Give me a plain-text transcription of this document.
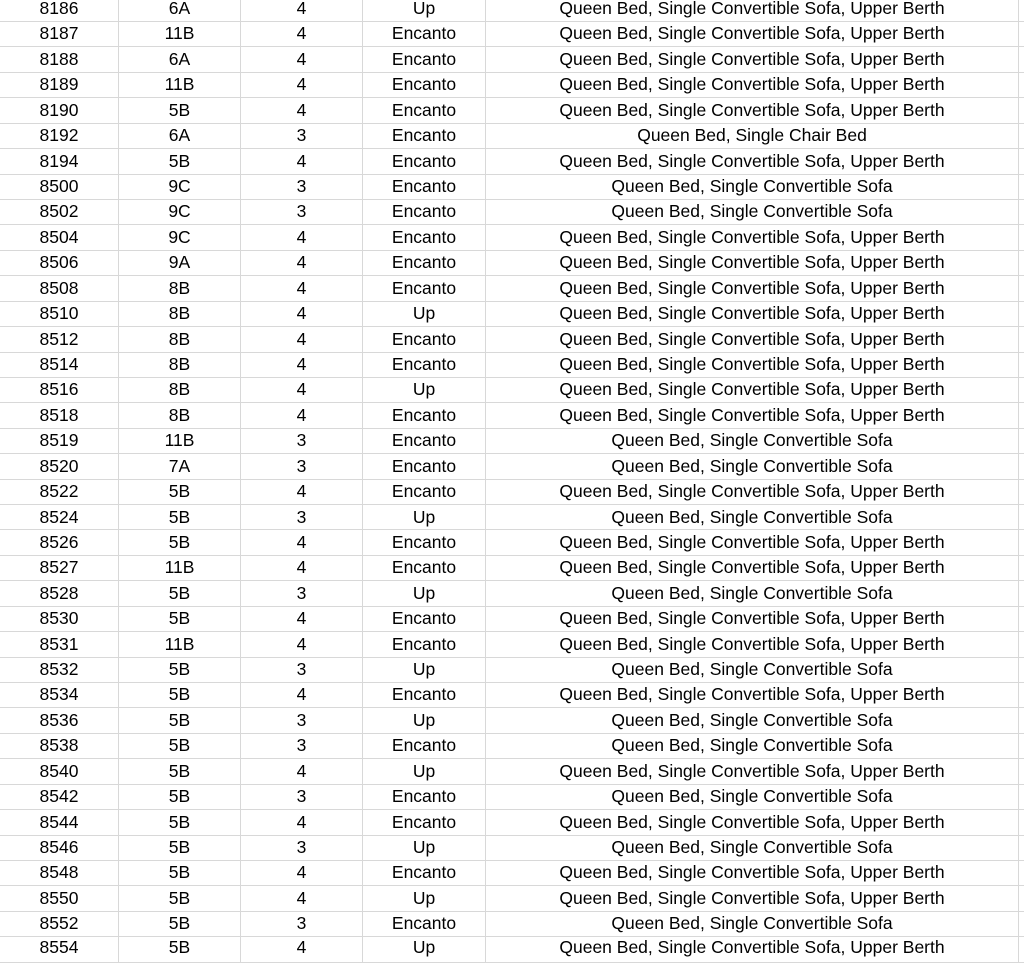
8186	6A	4	Up	Queen Bed, Single Convertible Sofa, Upper Berth
8187	11B	4	Encanto	Queen Bed, Single Convertible Sofa, Upper Berth
8188	6A	4	Encanto	Queen Bed, Single Convertible Sofa, Upper Berth
8189	11B	4	Encanto	Queen Bed, Single Convertible Sofa, Upper Berth
8190	5B	4	Encanto	Queen Bed, Single Convertible Sofa, Upper Berth
8192	6A	3	Encanto	Queen Bed, Single Chair Bed
8194	5B	4	Encanto	Queen Bed, Single Convertible Sofa, Upper Berth
8500	9C	3	Encanto	Queen Bed, Single Convertible Sofa
8502	9C	3	Encanto	Queen Bed, Single Convertible Sofa
8504	9C	4	Encanto	Queen Bed, Single Convertible Sofa, Upper Berth
8506	9A	4	Encanto	Queen Bed, Single Convertible Sofa, Upper Berth
8508	8B	4	Encanto	Queen Bed, Single Convertible Sofa, Upper Berth
8510	8B	4	Up	Queen Bed, Single Convertible Sofa, Upper Berth
8512	8B	4	Encanto	Queen Bed, Single Convertible Sofa, Upper Berth
8514	8B	4	Encanto	Queen Bed, Single Convertible Sofa, Upper Berth
8516	8B	4	Up	Queen Bed, Single Convertible Sofa, Upper Berth
8518	8B	4	Encanto	Queen Bed, Single Convertible Sofa, Upper Berth
8519	11B	3	Encanto	Queen Bed, Single Convertible Sofa
8520	7A	3	Encanto	Queen Bed, Single Convertible Sofa
8522	5B	4	Encanto	Queen Bed, Single Convertible Sofa, Upper Berth
8524	5B	3	Up	Queen Bed, Single Convertible Sofa
8526	5B	4	Encanto	Queen Bed, Single Convertible Sofa, Upper Berth
8527	11B	4	Encanto	Queen Bed, Single Convertible Sofa, Upper Berth
8528	5B	3	Up	Queen Bed, Single Convertible Sofa
8530	5B	4	Encanto	Queen Bed, Single Convertible Sofa, Upper Berth
8531	11B	4	Encanto	Queen Bed, Single Convertible Sofa, Upper Berth
8532	5B	3	Up	Queen Bed, Single Convertible Sofa
8534	5B	4	Encanto	Queen Bed, Single Convertible Sofa, Upper Berth
8536	5B	3	Up	Queen Bed, Single Convertible Sofa
8538	5B	3	Encanto	Queen Bed, Single Convertible Sofa
8540	5B	4	Up	Queen Bed, Single Convertible Sofa, Upper Berth
8542	5B	3	Encanto	Queen Bed, Single Convertible Sofa
8544	5B	4	Encanto	Queen Bed, Single Convertible Sofa, Upper Berth
8546	5B	3	Up	Queen Bed, Single Convertible Sofa
8548	5B	4	Encanto	Queen Bed, Single Convertible Sofa, Upper Berth
8550	5B	4	Up	Queen Bed, Single Convertible Sofa, Upper Berth
8552	5B	3	Encanto	Queen Bed, Single Convertible Sofa
8554	5B	4	Up	Queen Bed, Single Convertible Sofa, Upper Berth
